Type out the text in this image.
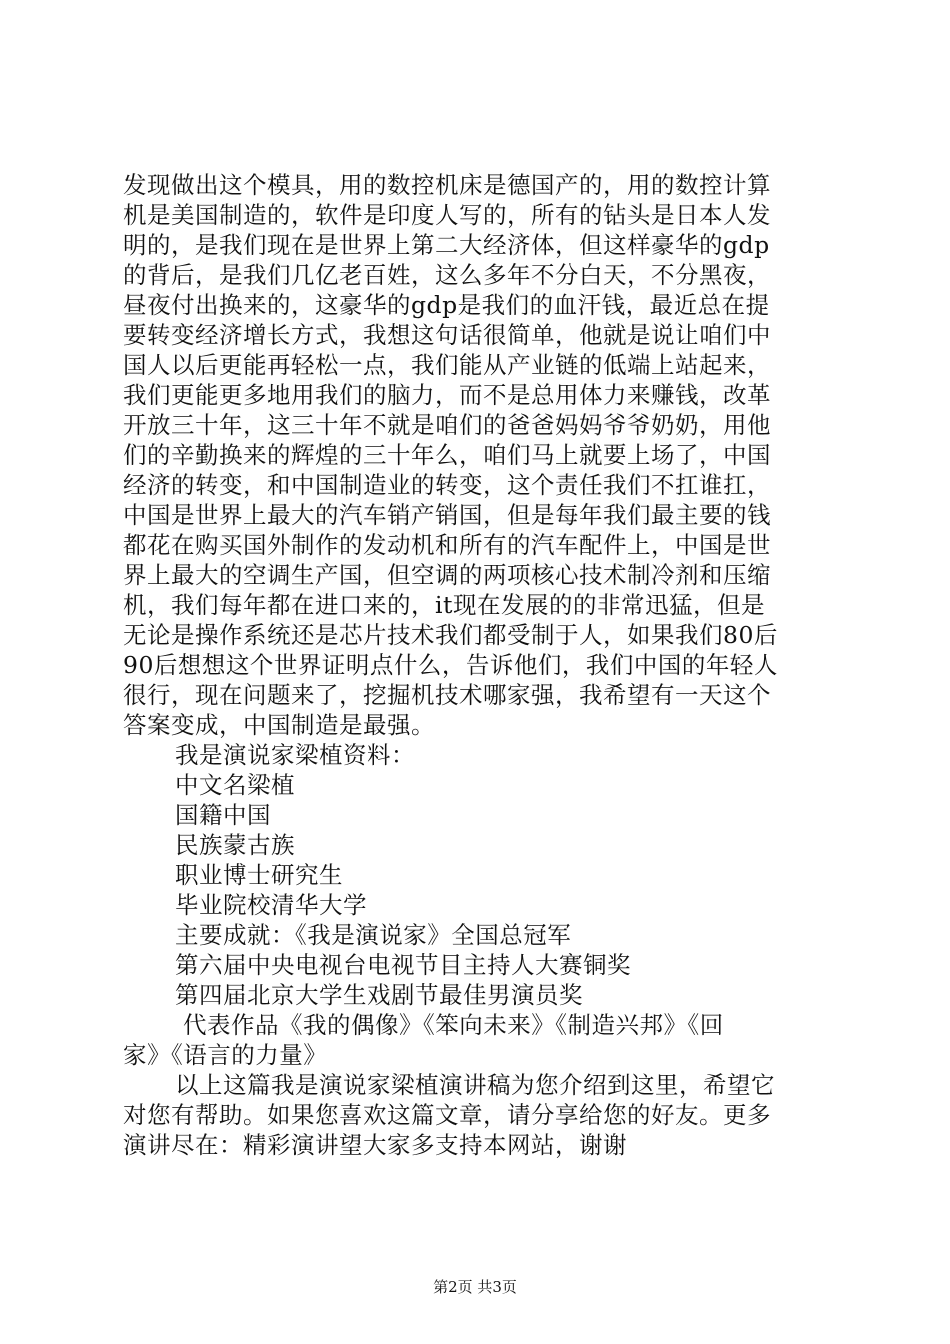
发现做出这个模具，用的数控机床是德国产的，用的数控计算
机是美国制造的，软件是印度人写的，所有的钻头是日本人发
明的，是我们现在是世界上第二大经济体，但这样豪华的gdp
的背后，是我们几亿老百姓，这么多年不分白天，不分黑夜，
昼夜付出换来的，这豪华的gdp是我们的血汗钱，最近总在提
要转变经济增长方式，我想这句话很简单，他就是说让咱们中
国人以后更能再轻松一点，我们能从产业链的低端上站起来，
我们更能更多地用我们的脑力，而不是总用体力来赚钱，改革
开放三十年，这三十年不就是咱们的爸爸妈妈爷爷奶奶，用他
们的辛勤换来的辉煌的三十年么，咱们马上就要上场了，中国
经济的转变，和中国制造业的转变，这个责任我们不扛谁扛，
中国是世界上最大的汽车销产销国，但是每年我们最主要的钱
都花在购买国外制作的发动机和所有的汽车配件上，中国是世
界上最大的空调生产国，但空调的两项核心技术制冷剂和压缩
机，我们每年都在进口来的，it现在发展的的非常迅猛，但是
无论是操作系统还是芯片技术我们都受制于人，如果我们80后
90后想想这个世界证明点什么，告诉他们，我们中国的年轻人
很行，现在问题来了，挖掘机技术哪家强，我希望有一天这个
答案变成，中国制造是最强。
我是演说家梁植资料：
中文名梁植
国籍中国
民族蒙古族
职业博士研究生
毕业院校清华大学
主要成就：《我是演说家》全国总冠军
第六届中央电视台电视节目主持人大赛铜奖
第四届北京大学生戏剧节最佳男演员奖
代表作品《我的偶像》《笨向未来》《制造兴邦》《回
家》《语言的力量》
以上这篇我是演说家梁植演讲稿为您介绍到这里，希望它
对您有帮助。如果您喜欢这篇文章，请分享给您的好友。更多
演讲尽在：精彩演讲望大家多支持本网站，谢谢
第2页 共3页
